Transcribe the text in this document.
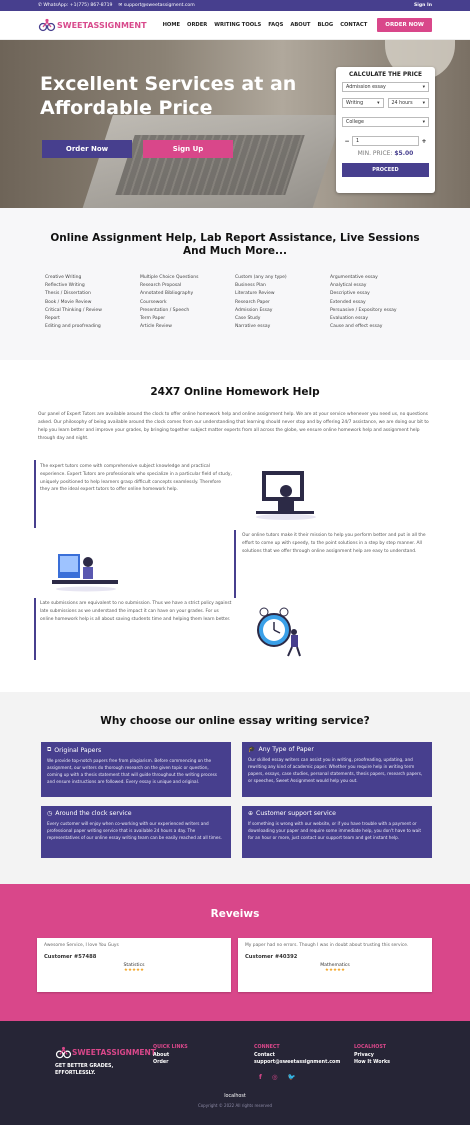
✆ WhatsApp: +1(775) 867-8719 ✉ support@sweetassigment.com	Sign In
SWEETASSIGNMENT	HOME ORDER WRITING TOOLS FAQS ABOUT BLOG CONTACT	ORDER NOW
Excellent Services at an Affordable Price
Order Now	Sign Up
CALCULATE THE PRICE
Admission essay	▾
Writing	▾	24 hours ▾
College	▾
−	1	+
MIN. PRICE: $5.00
PROCEED
Online Assignment Help, Lab Report Assistance, Live Sessions And Much More...
Creative Writing
Reflective Writing
Thesis / Dissertation
Book / Movie Review
Critical Thinking / Review
Report
Editing and proofreading
Multiple Choice Questions
Research Proposal
Annotated Bibliography
Coursework
Presentation / Speech
Term Paper
Article Review
Custom (any any type)
Business Plan
Literature Review
Research Paper
Admission Essay
Case Study
Narrative essay
Argumentative essay
Analytical essay
Descriptive essay
Extended essay
Persuasive / Expository essay
Evaluation essay
Cause and effect essay
24X7 Online Homework Help
Our panel of Expert Tutors are available around the clock to offer online homework help and online assignment help. We are at your service whenever you need us, no questions asked. Our philosophy of being available around the clock comes from our understanding that learning should never stop and by offering 24/7 assistance, we are doing our bit to help you learn better and improve your grades, by bringing together subject matter experts from all across the globe, we ensure online homework help and assignment help through day and night.
The expert tutors come with comprehensive subject knowledge and practical experience. Expert Tutors are professionals who specialize in a particular field of study, uniquely positioned to help learners grasp difficult concepts seamlessly. Therefore they are the ideal expert tutors to offer online homework help.
Our online tutors make it their mission to help you perform better and put in all the effort to come up with speedy, to the point solutions in a step by step manner. All solutions that we offer through online assignment help are easy to understand.
Late submissions are equivalent to no submission. Thus we have a strict policy against late submissions as we understand the impact it can have on your grades. For us online homework help is all about saving students time and helping them learn better.
Why choose our online essay writing service?
⧉ Original Papers
We provide top-notch papers free from plagiarism. Before commencing on the assignment, our writers do thorough research on the given topic or question, coming up with a thesis statement that will guide throughout the writing process and ensure instructions are followed. Every essay is unique and original.
🎓 Any Type of Paper
Our skilled essay writers can assist you in writing, proofreading, updating, and rewriting any kind of academic paper. Whether you require help in writing term papers, essays, case studies, personal statements, thesis papers, research papers, or speeches, Sweet Assignment would help you out.
◷ Around the clock service
Every customer will enjoy when co-working with our experienced writers and professional paper writing service that is available 24 hours a day. The representatives of our online essay writing team can be easily reached at all times.
⊕ Customer support service
If something is wrong with our website, or if you have trouble with a payment or downloading your paper and require some immediate help, you don't have to wait for an hour or more, just contact our support team and get instant help.
Reveiws
Awesome Service, I love You Guys
Customer #57488
Statistics
★★★★★
My paper had no errors. Though I was in doubt about trusting this service.
Customer #40392
Mathematics
★★★★★
SWEETASSIGNMENT
GET BETTER GRADES,
EFFORTLESSLY.
QUICK LINKS
About
Order
CONNECT
Contact
support@sweetassignment.com
f ◎ 🐦
LOCALHOST
Privacy
How It Works
localhost
Copyright © 2022 All rights reserved
